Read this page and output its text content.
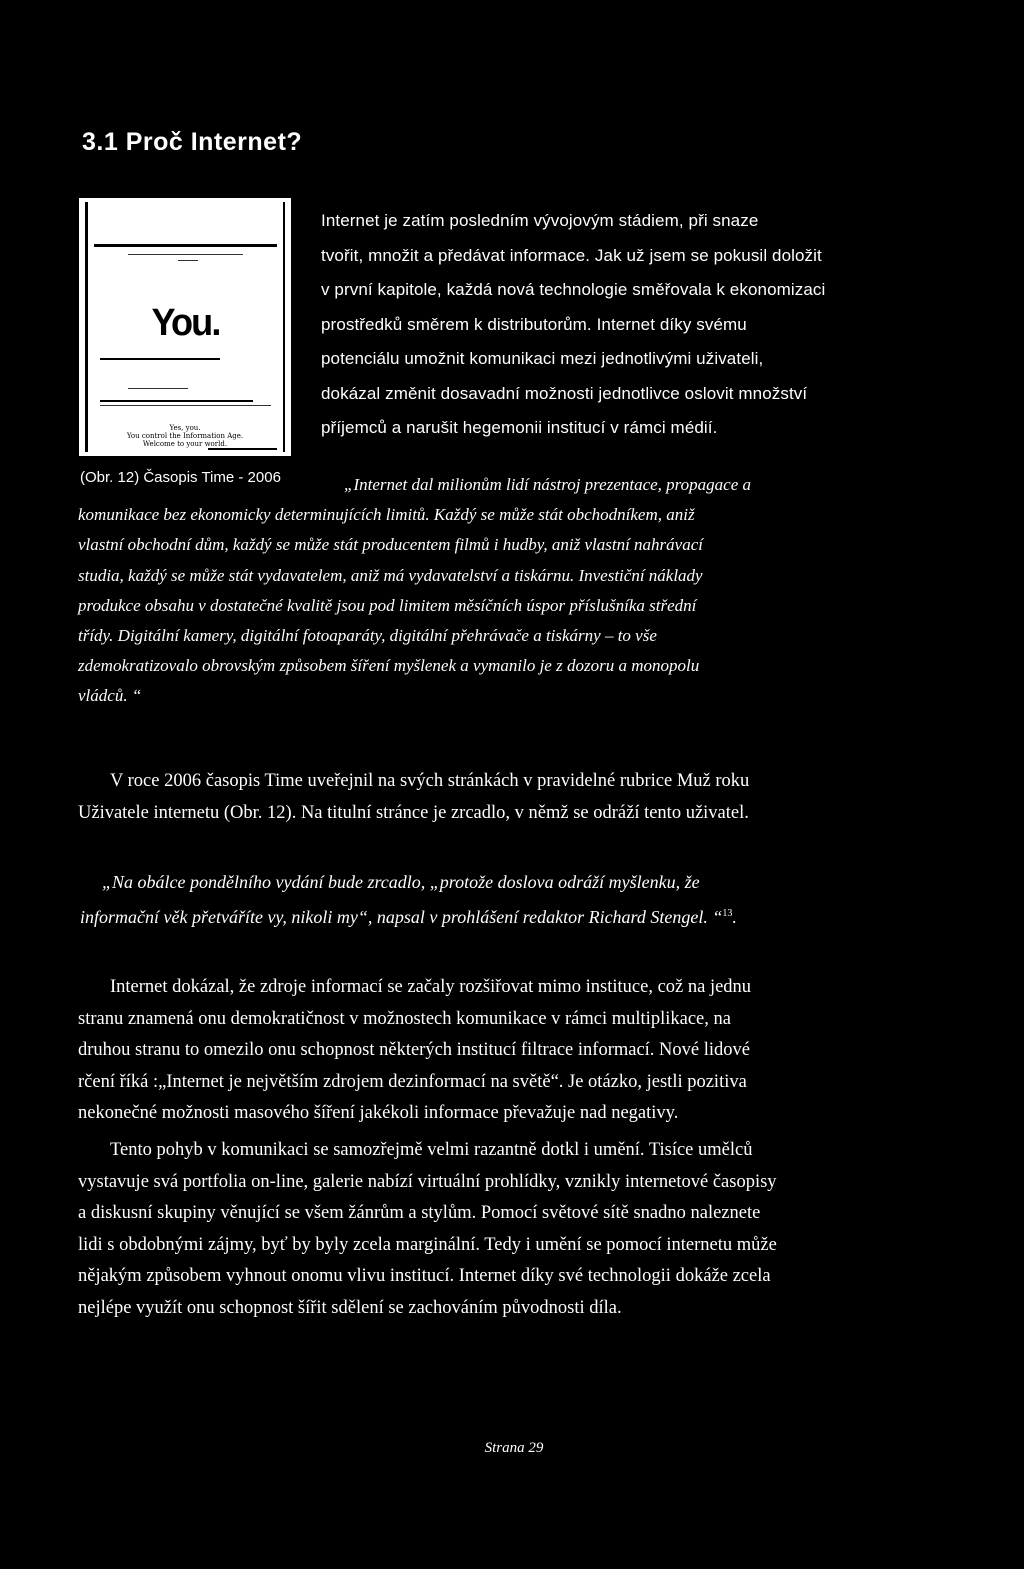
3.1 Proč Internet?
You.
Yes, you.
You control the Information Age.
Welcome to your world.
Internet je zatím posledním vývojovým stádiem, při snaze
tvořit, množit a předávat informace. Jak už jsem se pokusil doložit
v první kapitole, každá nová technologie směřovala k ekonomizaci
prostředků směrem k distributorům. Internet díky svému
potenciálu umožnit komunikaci mezi jednotlivými uživateli,
dokázal změnit dosavadní možnosti jednotlivce oslovit množství
příjemců a narušit hegemonii institucí v rámci médií.
(Obr. 12) Časopis Time - 2006	„Internet dal milionům lidí nástroj prezentace, propagace a
komunikace bez ekonomicky determinujících limitů. Každý se může stát obchodníkem, aniž
vlastní obchodní dům, každý se může stát producentem filmů i hudby, aniž vlastní nahrávací
studia, každý se může stát vydavatelem, aniž má vydavatelství a tiskárnu. Investiční náklady
produkce obsahu v dostatečné kvalitě jsou pod limitem měsíčních úspor příslušníka střední
třídy. Digitální kamery, digitální fotoaparáty, digitální přehrávače a tiskárny – to vše
zdemokratizovalo obrovským způsobem šíření myšlenek a vymanilo je z dozoru a monopolu
vládců. “
V roce 2006 časopis Time uveřejnil na svých stránkách v pravidelné rubrice Muž roku
Uživatele internetu (Obr. 12). Na titulní stránce je zrcadlo, v němž se odráží tento uživatel.
„Na obálce pondělního vydání bude zrcadlo, „protože doslova odráží myšlenku, že
informační věk přetváříte vy, nikoli my“, napsal v prohlášení redaktor Richard Stengel. “$^{13}$.
Internet dokázal, že zdroje informací se začaly rozšiřovat mimo instituce, což na jednu
stranu znamená onu demokratičnost v možnostech komunikace v rámci multiplikace, na
druhou stranu to omezilo onu schopnost některých institucí filtrace informací. Nové lidové
rčení říká :„Internet je největším zdrojem dezinformací na světě“. Je otázko, jestli pozitiva
nekonečné možnosti masového šíření jakékoli informace převažuje nad negativy.
Tento pohyb v komunikaci se samozřejmě velmi razantně dotkl i umění. Tisíce umělců
vystavuje svá portfolia on-line, galerie nabízí virtuální prohlídky, vznikly internetové časopisy
a diskusní skupiny věnující se všem žánrům a stylům. Pomocí světové sítě snadno naleznete
lidi s obdobnými zájmy, byť by byly zcela marginální. Tedy i umění se pomocí internetu může
nějakým způsobem vyhnout onomu vlivu institucí. Internet díky své technologii dokáže zcela
nejlépe využít onu schopnost šířit sdělení se zachováním původnosti díla.
Strana 29
